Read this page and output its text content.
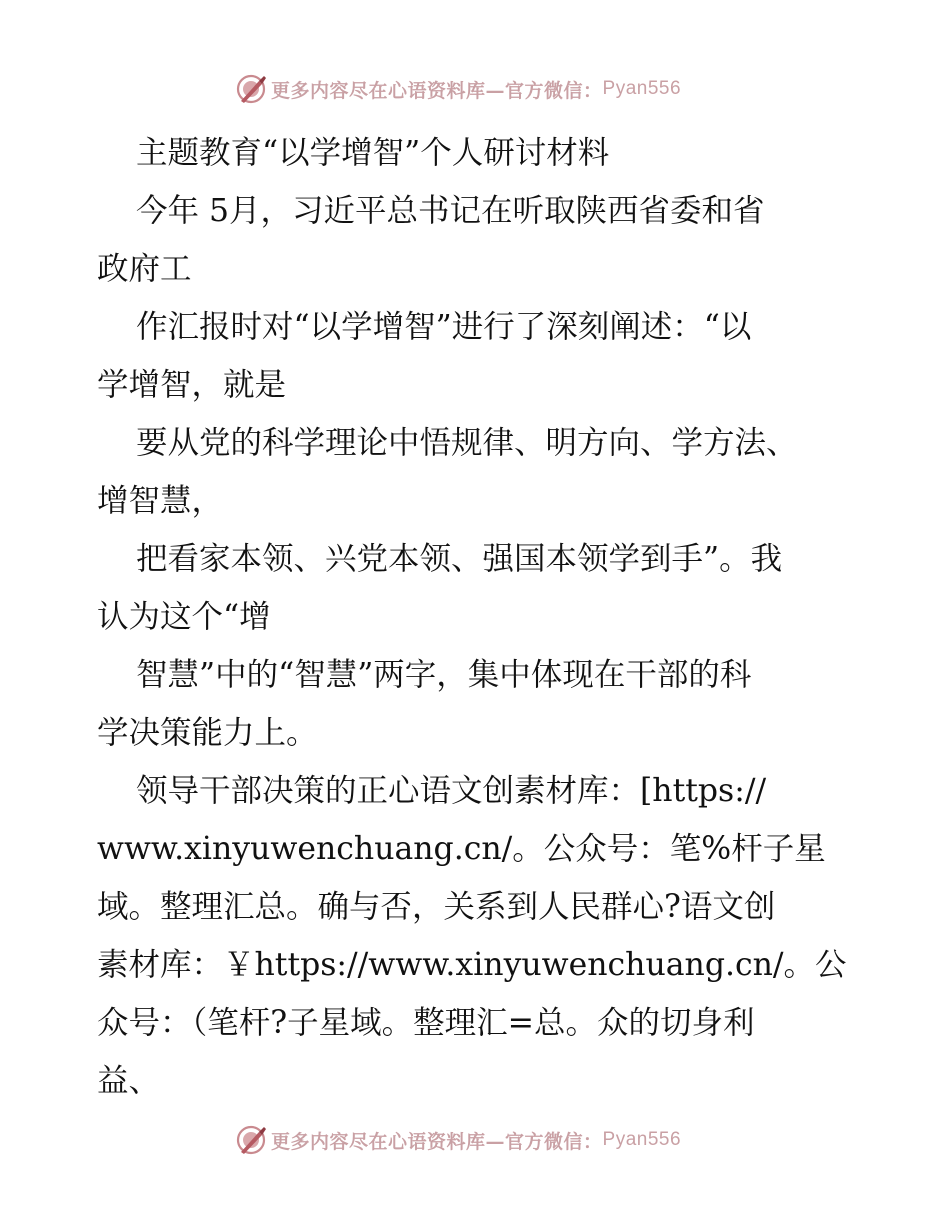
更多内容尽在心语资料库—官方微信： Pyan556
主题教育“以学增智”个人研讨材料
今年 5月，习近平总书记在听取陕西省委和省
政府工
作汇报时对“以学增智”进行了深刻阐述：“以
学增智，就是
要从党的科学理论中悟规律、明方向、学方法、
增智慧，
把看家本领、兴党本领、强国本领学到手”。我
认为这个“增
智慧”中的“智慧”两字，集中体现在干部的科
学决策能力上。
领导干部决策的正心语文创素材库：[https://
www.xinyuwenchuang.cn/。公众号：笔%杆子星
域。整理汇总。确与否，关系到人民群心?语文创
素材库：￥https://www.xinyuwenchuang.cn/。公
众号：（笔杆?子星域。整理汇=总。众的切身利
益、
更多内容尽在心语资料库—官方微信： Pyan556
